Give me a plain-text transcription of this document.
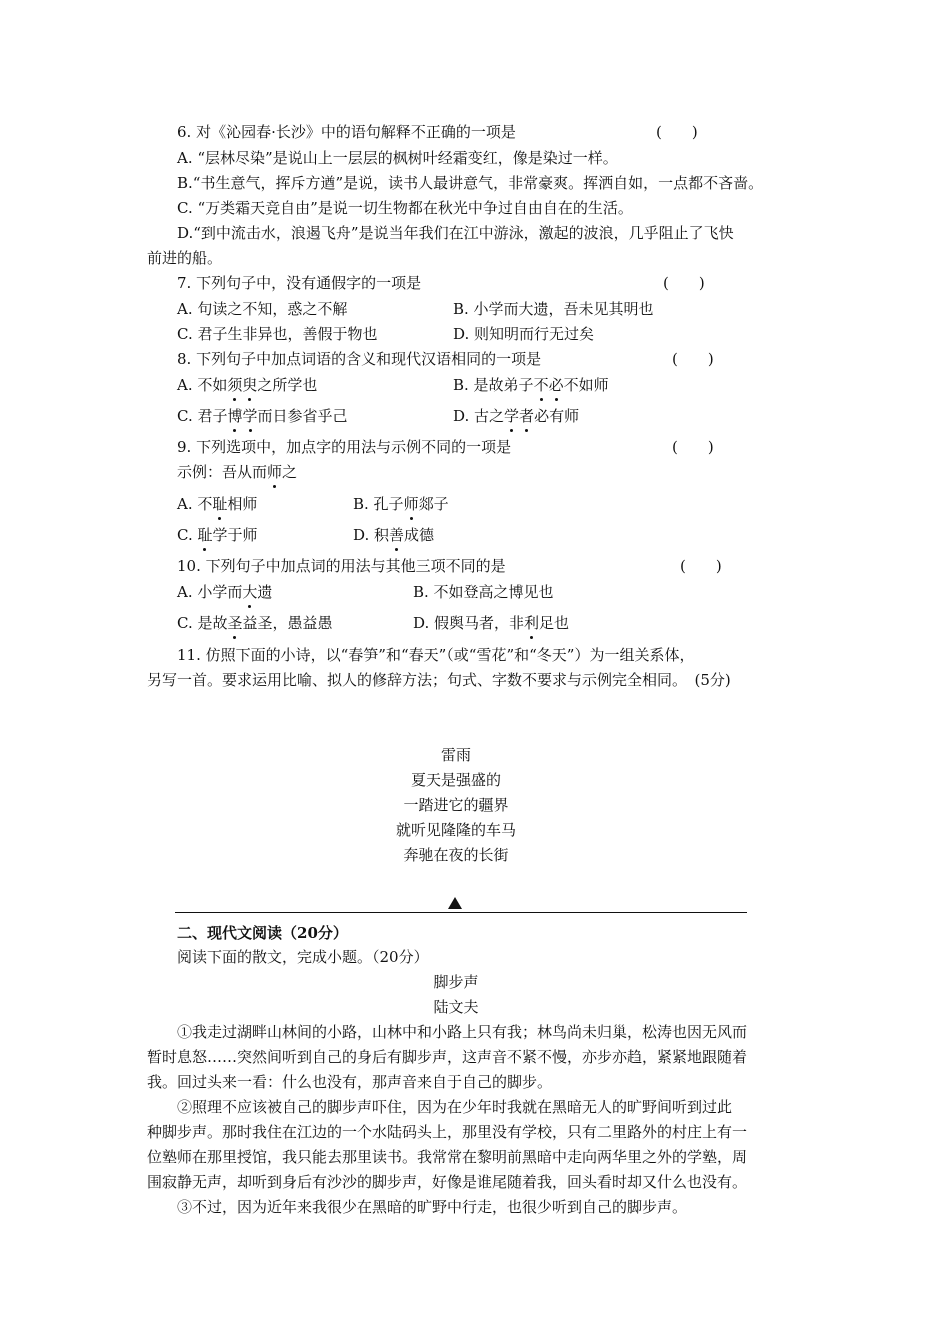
6. 对《沁园春·长沙》中的语句解释不正确的一项是	(　　)
A. “层林尽染”是说山上一层层的枫树叶经霜变红，像是染过一样。
B.“书生意气，挥斥方遒”是说，读书人最讲意气，非常豪爽。挥洒自如，一点都不吝啬。
C. “万类霜天竞自由”是说一切生物都在秋光中争过自由自在的生活。
D.“到中流击水，浪遏飞舟”是说当年我们在江中游泳，激起的波浪，几乎阻止了飞快
前进的船。
7. 下列句子中，没有通假字的一项是	(　　)
A. 句读之不知，惑之不解	B. 小学而大遗，吾未见其明也
C. 君子生非异也，善假于物也	D. 则知明而行无过矣
8. 下列句子中加点词语的含义和现代汉语相同的一项是	(　　)
A. 不如须臾之所学也	B. 是故弟子不必不如师
C. 君子博学而日参省乎己	D. 古之学者必有师
9. 下列选项中，加点字的用法与示例不同的一项是	(　　)
示例：吾从而师之
A. 不耻相师	B. 孔子师郯子
C. 耻学于师	D. 积善成德
10. 下列句子中加点词的用法与其他三项不同的是	(　　)
A. 小学而大遗	B. 不如登高之博见也
C. 是故圣益圣，愚益愚	D. 假舆马者，非利足也
11. 仿照下面的小诗，以“春笋”和“春天”（或“雪花”和“冬天”）为一组关系体，
另写一首。要求运用比喻、拟人的修辞方法；句式、字数不要求与示例完全相同。　(5分)
雷雨
夏天是强盛的
一踏进它的疆界
就听见隆隆的车马
奔驰在夜的长街
二、现代文阅读（20分）
阅读下面的散文，完成小题。（20分）
脚步声
陆文夫
①我走过湖畔山林间的小路，山林中和小路上只有我；林鸟尚未归巢，松涛也因无风而
暂时息怒……突然间听到自己的身后有脚步声，这声音不紧不慢，亦步亦趋，紧紧地跟随着
我。回过头来一看：什么也没有，那声音来自于自己的脚步。
②照理不应该被自己的脚步声吓住，因为在少年时我就在黑暗无人的旷野间听到过此
种脚步声。那时我住在江边的一个水陆码头上，那里没有学校，只有二里路外的村庄上有一
位塾师在那里授馆，我只能去那里读书。我常常在黎明前黑暗中走向两华里之外的学塾，周
围寂静无声，却听到身后有沙沙的脚步声，好像是谁尾随着我，回头看时却又什么也没有。
③不过，因为近年来我很少在黑暗的旷野中行走，也很少听到自己的脚步声。
